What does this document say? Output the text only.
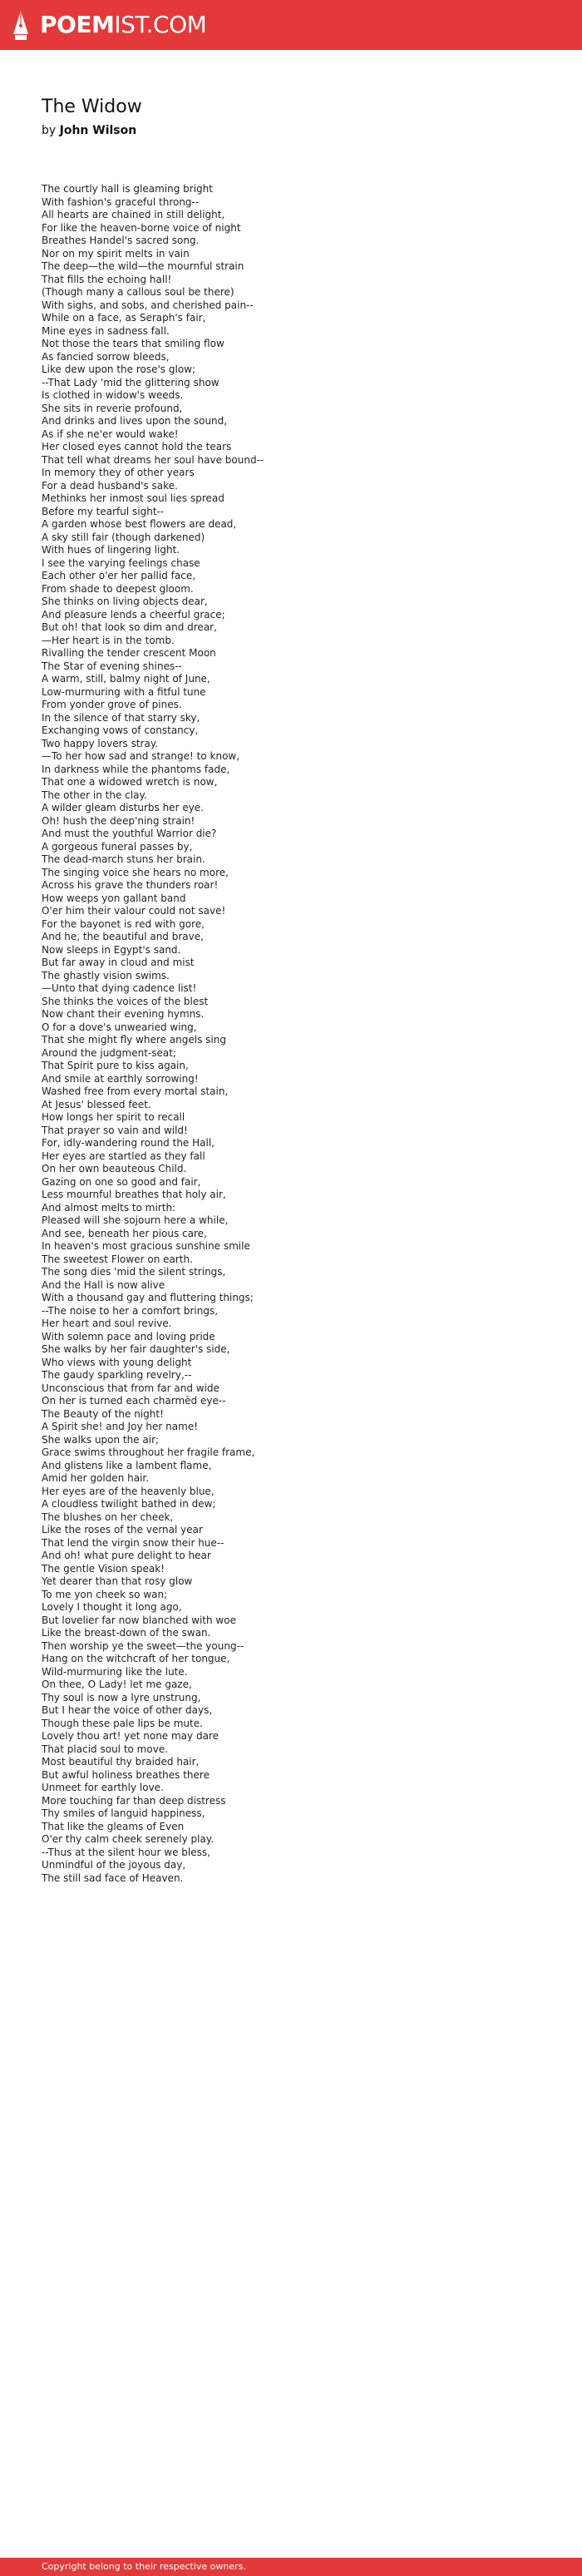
POEMIST.COM
The Widow
by John Wilson
The courtly hall is gleaming bright
With fashion's graceful throng--
All hearts are chained in still delight,
For like the heaven-borne voice of night
Breathes Handel's sacred song.
Nor on my spirit melts in vain
The deep—the wild—the mournful strain
That fills the echoing hall!
(Though many a callous soul be there)
With sighs, and sobs, and cherished pain--
While on a face, as Seraph's fair,
Mine eyes in sadness fall.
Not those the tears that smiling flow
As fancied sorrow bleeds,
Like dew upon the rose's glow;
--That Lady 'mid the glittering show
Is clothed in widow's weeds.
She sits in reverie profound,
And drinks and lives upon the sound,
As if she ne'er would wake!
Her closed eyes cannot hold the tears
That tell what dreams her soul have bound--
In memory they of other years
For a dead husband's sake.
Methinks her inmost soul lies spread
Before my tearful sight--
A garden whose best flowers are dead,
A sky still fair (though darkened)
With hues of lingering light.
I see the varying feelings chase
Each other o'er her pallid face,
From shade to deepest gloom.
She thinks on living objects dear,
And pleasure lends a cheerful grace;
But oh! that look so dim and drear,
—Her heart is in the tomb.
Rivalling the tender crescent Moon
The Star of evening shines--
A warm, still, balmy night of June,
Low-murmuring with a fitful tune
From yonder grove of pines.
In the silence of that starry sky,
Exchanging vows of constancy,
Two happy lovers stray.
—To her how sad and strange! to know,
In darkness while the phantoms fade,
That one a widowed wretch is now,
The other in the clay.
A wilder gleam disturbs her eye.
Oh! hush the deep'ning strain!
And must the youthful Warrior die?
A gorgeous funeral passes by,
The dead-march stuns her brain.
The singing voice she hears no more,
Across his grave the thunders roar!
How weeps yon gallant band
O'er him their valour could not save!
For the bayonet is red with gore,
And he, the beautiful and brave,
Now sleeps in Egypt's sand.
But far away in cloud and mist
The ghastly vision swims.
—Unto that dying cadence list!
She thinks the voices of the blest
Now chant their evening hymns.
O for a dove's unwearied wing,
That she might fly where angels sing
Around the judgment-seat;
That Spirit pure to kiss again,
And smile at earthly sorrowing!
Washed free from every mortal stain,
At Jesus' blessed feet.
How longs her spirit to recall
That prayer so vain and wild!
For, idly-wandering round the Hall,
Her eyes are startled as they fall
On her own beauteous Child.
Gazing on one so good and fair,
Less mournful breathes that holy air,
And almost melts to mirth:
Pleased will she sojourn here a while,
And see, beneath her pious care,
In heaven's most gracious sunshine smile
The sweetest Flower on earth.
The song dies 'mid the silent strings,
And the Hall is now alive
With a thousand gay and fluttering things;
--The noise to her a comfort brings,
Her heart and soul revive.
With solemn pace and loving pride
She walks by her fair daughter's side,
Who views with young delight
The gaudy sparkling revelry,--
Unconscious that from far and wide
On her is turned each charmèd eye--
The Beauty of the night!
A Spirit she! and Joy her name!
She walks upon the air;
Grace swims throughout her fragile frame,
And glistens like a lambent flame,
Amid her golden hair.
Her eyes are of the heavenly blue,
A cloudless twilight bathed in dew;
The blushes on her cheek,
Like the roses of the vernal year
That lend the virgin snow their hue--
And oh! what pure delight to hear
The gentle Vision speak!
Yet dearer than that rosy glow
To me yon cheek so wan;
Lovely I thought it long ago,
But lovelier far now blanched with woe
Like the breast-down of the swan.
Then worship ye the sweet—the young--
Hang on the witchcraft of her tongue,
Wild-murmuring like the lute.
On thee, O Lady! let me gaze,
Thy soul is now a lyre unstrung,
But I hear the voice of other days,
Though these pale lips be mute.
Lovely thou art! yet none may dare
That placid soul to move.
Most beautiful thy braided hair,
But awful holiness breathes there
Unmeet for earthly love.
More touching far than deep distress
Thy smiles of languid happiness,
That like the gleams of Even
O'er thy calm cheek serenely play.
--Thus at the silent hour we bless,
Unmindful of the joyous day,
The still sad face of Heaven.
Copyright belong to their respective owners.
